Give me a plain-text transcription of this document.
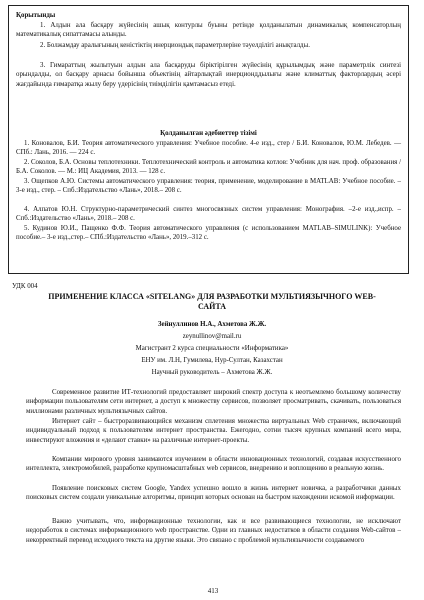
Қорытынды

1. Алдын ала басқару жүйесінің ашық контурлы буыны ретінде қолданылатын динамикалық компенсаторлың математикалық сипаттамасы алынды.

2. Болжамдау аралығының кеністіктің инерциондық параметрлеріне тәуелділігі анықталды.

3. Гимараттың жылытуын алдын ала басқаруды біріктірілген жүйесінің құрылымдық және параметрлік синтезі орындалды, ол басқару арнасы бойынша объектінің айтарлықтай инерционддылығы және климаттық факторлардың әсері жағдайында ғимаратқа жылу беру үдерісінің тиімділігін қамтамасыз етеді.

Қолданылған әдебиеттер тізімі

1. Коновалов, Б.И. Теория автоматического управления: Учебное пособие. 4-е изд., стер / Б.И. Коновалов, Ю.М. Лебедев. — СПб.: Лань, 2016. — 224 с.

2. Соколов, Б.А. Основы теплотехники. Теплотехнический контроль и автоматика котлов: Учебник для нач. проф. образования / Б.А. Соколов. — М.: ИЦ Академия, 2013. — 128 с.

3. Ощепков А.Ю. Системы автоматического управления: теория, применение, моделирование в MATLAB: Учебное пособие. – 3-е изд., стер. – Спб.:Издательство «Лань», 2018.– 208 с.

4. Алпатов Ю.Н. Структурно-параметрический синтез многосвязных систем управления: Монография. –2-е изд.,испр. – Спб.:Издательство «Лань», 2018.– 208 с.

5. Кудинов Ю.И., Пащенко Ф.Ф. Теория автоматического управления (с использованием MATLAB–SIMULINK): Учебное пособие.– 3-е изд.,стер.– СПб.:Издательство «Лань», 2019.–312 с.

УДК 004

ПРИМЕНЕНИЕ КЛАССА «SITELANG» ДЛЯ РАЗРАБОТКИ МУЛЬТИЯЗЫЧНОГО WEB-САЙТА

Зейнуллинов Н.А., Ахметова Ж.Ж.

zeynullinov@mail.ru

Магистрант 2 курса специальности «Информатика»

ЕНУ им. Л.Н, Гумилева, Нур-Султан, Казахстан

Научный руководитель – Ахметова Ж.Ж.

Современное развитие ИТ-технологий предоставляет широкий спектр доступа к неотъемлемо большому количеству информации пользователям сети интернет, а доступ к множеству сервисов, позволяет просматривать, скачивать, пользоваться миллионами различных мультиязычных сайтов.

Интернет сайт – быстроразвивающийся механизм сплетения множества виртуальных Web страничек, включающий индивидуальный подход к пользователям интернет пространства. Ежегодно, сотни тысяч крупных компаний всего мира, инвестируют вложения и «делают ставки» на различные интернет-проекты.

Компании мирового уровня занимаются изучением в области инновационных технологий, создавая искусственного интеллекта, электромобилей, разработке крупномасштабных web сервисов, внедрению и воплощению в реальную жизнь.

Появление поисковых систем Google, Yandex успешно вошло в жизнь интернет новичка, а разработчики данных поисковых систем создали уникальные алгоритмы, принцип которых основан на быстром нахождении искомой информации.

Важно учитывать, что, информационные технологии, как и все развивающиеся технологии, не исключают недоработок в системах информационного web пространстве. Одни из главных недостатков в области создания Web-сайтов – некорректный перевод исходного текста на другие языки. Это связано с проблемой мультиязычности создаваемого

413
